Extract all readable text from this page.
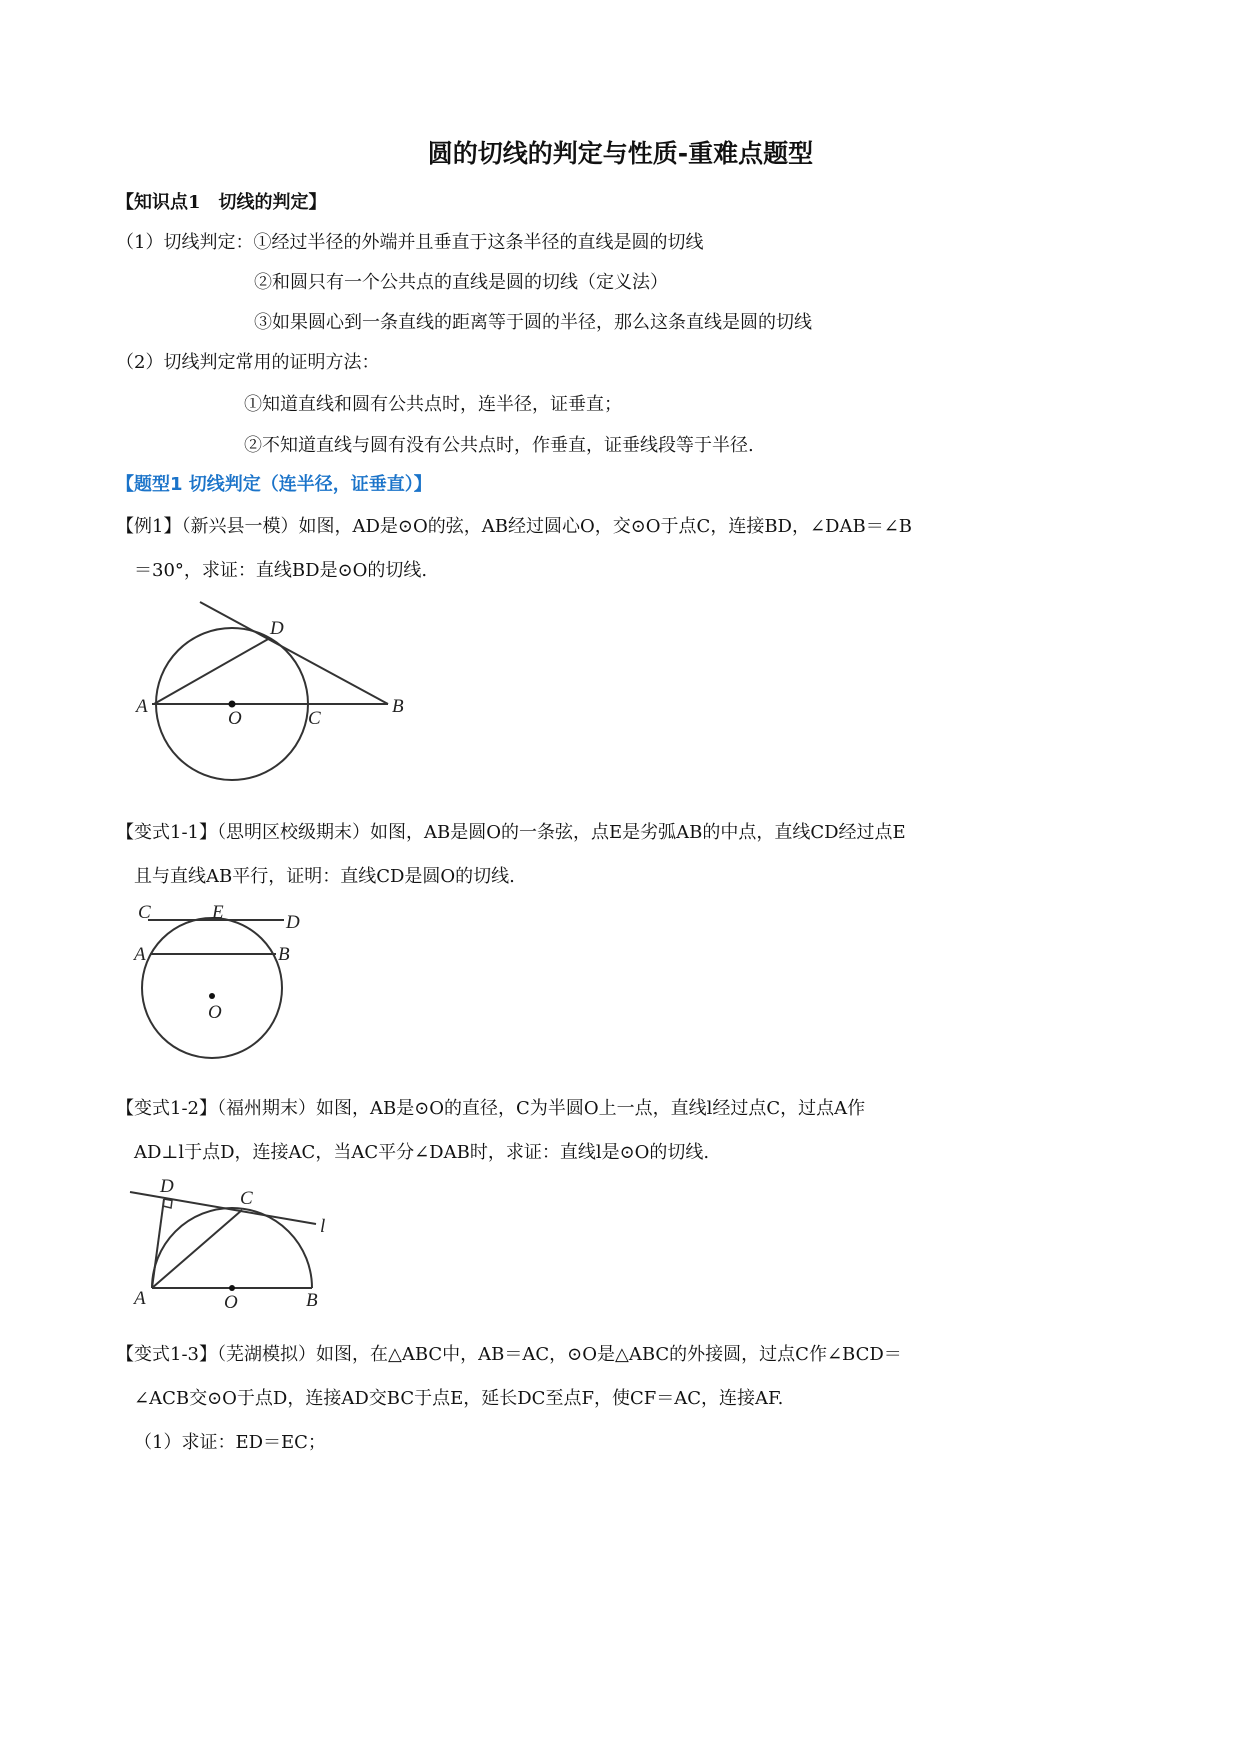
圆的切线的判定与性质-重难点题型
【知识点1　切线的判定】
（1）切线判定：①经过半径的外端并且垂直于这条半径的直线是圆的切线
②和圆只有一个公共点的直线是圆的切线（定义法）
③如果圆心到一条直线的距离等于圆的半径，那么这条直线是圆的切线
（2）切线判定常用的证明方法：
①知道直线和圆有公共点时，连半径，证垂直；
②不知道直线与圆有没有公共点时，作垂直，证垂线段等于半径.
【题型1 切线判定（连半径，证垂直）】
【例1】（新兴县一模）如图，AD是⊙O的弦，AB经过圆心O，交⊙O于点C，连接BD，∠DAB＝∠B
＝30°，求证：直线BD是⊙O的切线.
A
O	C
B
D
【变式1-1】（思明区校级期末）如图，AB是圆O的一条弦，点E是劣弧AB的中点，直线CD经过点E
且与直线AB平行，证明：直线CD是圆O的切线.
C	E	D
A	B
O
【变式1-2】（福州期末）如图，AB是⊙O的直径，C为半圆O上一点，直线l经过点C，过点A作
AD⊥l于点D，连接AC，当AC平分∠DAB时，求证：直线l是⊙O的切线.
D
C
l
A	O	B
【变式1-3】（芜湖模拟）如图，在△ABC中，AB＝AC，⊙O是△ABC的外接圆，过点C作∠BCD＝
∠ACB交⊙O于点D，连接AD交BC于点E，延长DC至点F，使CF＝AC，连接AF.
（1）求证：ED＝EC；
